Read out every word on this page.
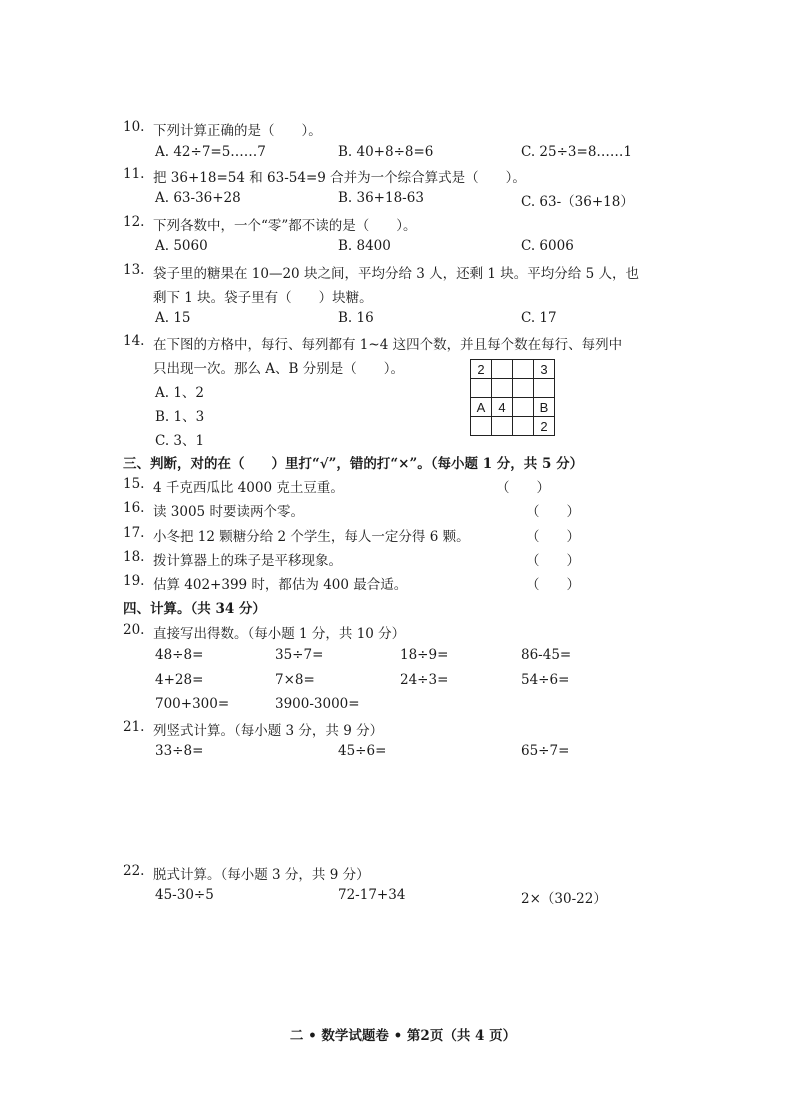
10. 下列计算正确的是（　　）。
A. 42÷7=5……7	B. 40+8÷8=6	C. 25÷3=8……1
11. 把 36+18=54 和 63-54=9 合并为一个综合算式是（　　）。
A. 63-36+28	B. 36+18-63	C. 63-（36+18）
12. 下列各数中，一个“零”都不读的是（　　）。
A. 5060	B. 8400	C. 6006
13. 袋子里的糖果在 10—20 块之间，平均分给 3 人，还剩 1 块。平均分给 5 人，也
剩下 1 块。袋子里有（　　）块糖。
A. 15	B. 16	C. 17
14. 在下图的方格中，每行、每列都有 1~4 这四个数，并且每个数在每行、每列中
只出现一次。那么 A、B 分别是（　　）。
A. 1、2
B. 1、3
C. 3、1
2			3

A	4		B
			2
三、判断，对的在（　　）里打“√”，错的打“×”。（每小题 1 分，共 5 分）
15. 4 千克西瓜比 4000 克土豆重。	（　　）
16. 读 3005 时要读两个零。	（　　）
17. 小冬把 12 颗糖分给 2 个学生，每人一定分得 6 颗。	（　　）
18. 拨计算器上的珠子是平移现象。	（　　）
19. 估算 402+399 时，都估为 400 最合适。	（　　）
四、计算。（共 34 分）
20. 直接写出得数。（每小题 1 分，共 10 分）
48÷8=	35÷7=	18÷9=	86-45=
4+28=	7×8=	24÷3=	54÷6=
700+300=	3900-3000=
21. 列竖式计算。（每小题 3 分，共 9 分）
33÷8=	45÷6=	65÷7=
22. 脱式计算。（每小题 3 分，共 9 分）
45-30÷5	72-17+34	2×（30-22）
二 • 数学试题卷 • 第2页（共 4 页）
